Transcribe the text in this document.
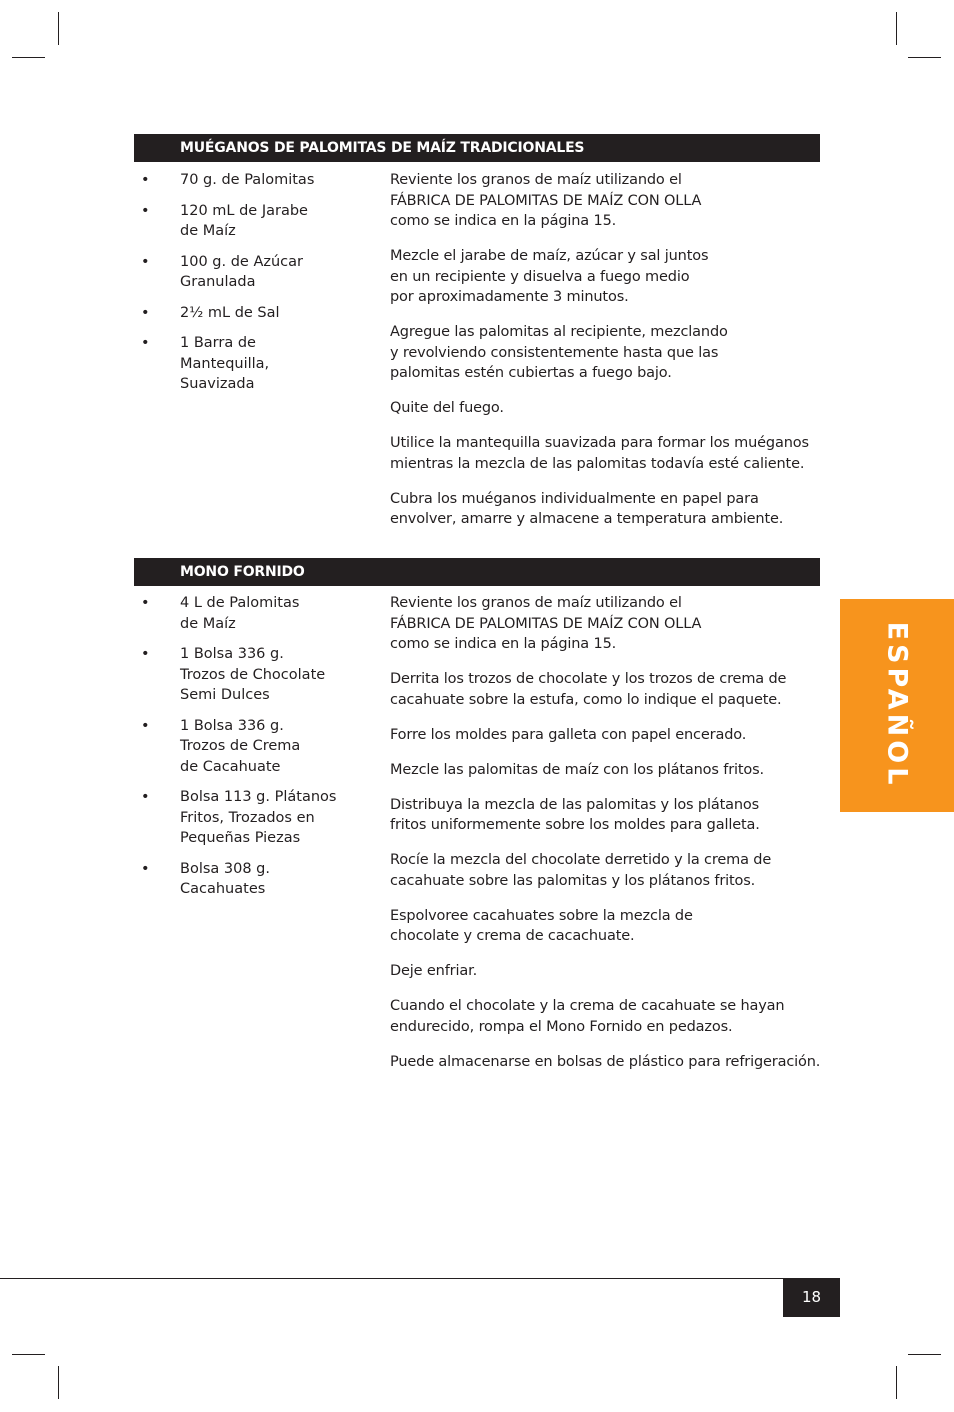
MUÉGANOS DE PALOMITAS DE MAÍZ TRADICIONALES
• 70 g. de Palomitas
• 120 mL de Jarabe
de Maíz
• 100 g. de Azúcar
Granulada
• 2½ mL de Sal
• 1 Barra de
Mantequilla,
Suavizada

Reviente los granos de maíz utilizando el
FÁBRICA DE PALOMITAS DE MAÍZ CON OLLA
como se indica en la página 15.

Mezcle el jarabe de maíz, azúcar y sal juntos
en un recipiente y disuelva a fuego medio
por aproximadamente 3 minutos.

Agregue las palomitas al recipiente, mezclando
y revolviendo consistentemente hasta que las
palomitas estén cubiertas a fuego bajo.

Quite del fuego.

Utilice la mantequilla suavizada para formar los muéganos
mientras la mezcla de las palomitas todavía esté caliente.

Cubra los muéganos individualmente en papel para
envolver, amarre y almacene a temperatura ambiente.

MONO FORNIDO
• 4 L de Palomitas
de Maíz
• 1 Bolsa 336 g.
Trozos de Chocolate
Semi Dulces
• 1 Bolsa 336 g.
Trozos de Crema
de Cacahuate
• Bolsa 113 g. Plátanos
Fritos, Trozados en
Pequeñas Piezas
• Bolsa 308 g.
Cacahuates

Reviente los granos de maíz utilizando el
FÁBRICA DE PALOMITAS DE MAÍZ CON OLLA
como se indica en la página 15.

Derrita los trozos de chocolate y los trozos de crema de
cacahuate sobre la estufa, como lo indique el paquete.

Forre los moldes para galleta con papel encerado.

Mezcle las palomitas de maíz con los plátanos fritos.

Distribuya la mezcla de las palomitas y los plátanos
fritos uniformemente sobre los moldes para galleta.

Rocíe la mezcla del chocolate derretido y la crema de
cacahuate sobre las palomitas y los plátanos fritos.

Espolvoree cacahuates sobre la mezcla de
chocolate y crema de cacachuate.

Deje enfriar.

Cuando el chocolate y la crema de cacahuate se hayan
endurecido, rompa el Mono Fornido en pedazos.

Puede almacenarse en bolsas de plástico para refrigeración.

ESPAÑOL
18
